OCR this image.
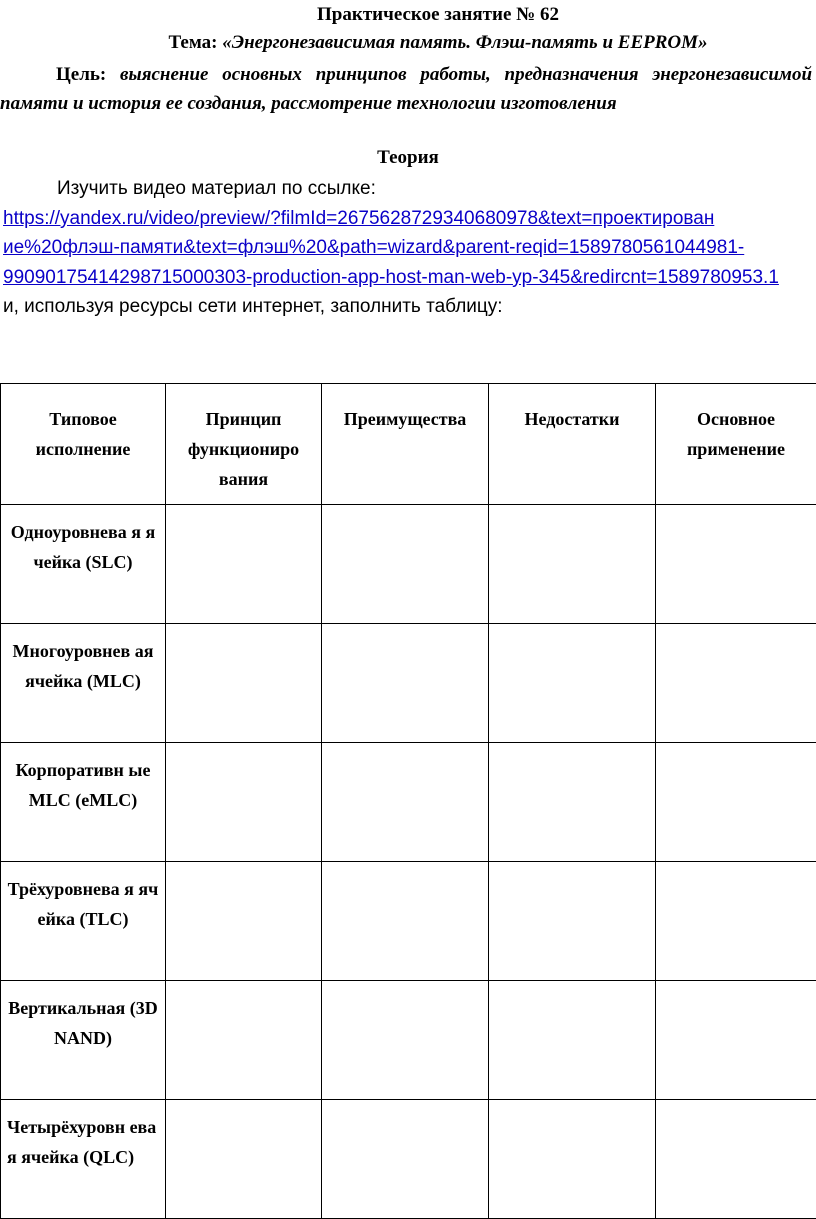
Практическое занятие № 62
Тема: «Энергонезависимая память. Флэш-память и EEPROM»
Цель: выяснение основных принципов работы, предназначения энергонезависимой памяти и история ее создания, рассмотрение технологии изготовления
Теория
Изучить видео материал по ссылке:
https://yandex.ru/video/preview/?filmId=267562872934068097​8&text=проектирован​ие%20флэш-памяти&text=флэш%20&path=wizard&parent-​reqid=1589780561044981-990901754142987150003​03-production-app-host-man-​web-yp-345&redircnt=1589780953.1 и, используя ресурсы сети интернет, заполнить таблицу:
Типовое исполнение	Принцип функциониро вания	Преимущества	Недостатки	Основное применение
Одноуровнева я ячейка (SLC)				
Многоуровнев ая ячейка (MLC)				
Корпоративн ые MLC (eMLC)				
Трёхуровнева я ячейка (TLC)				
Вертикальная (3D NAND)				
Четырёхуровн евая ячейка (QLC)				
